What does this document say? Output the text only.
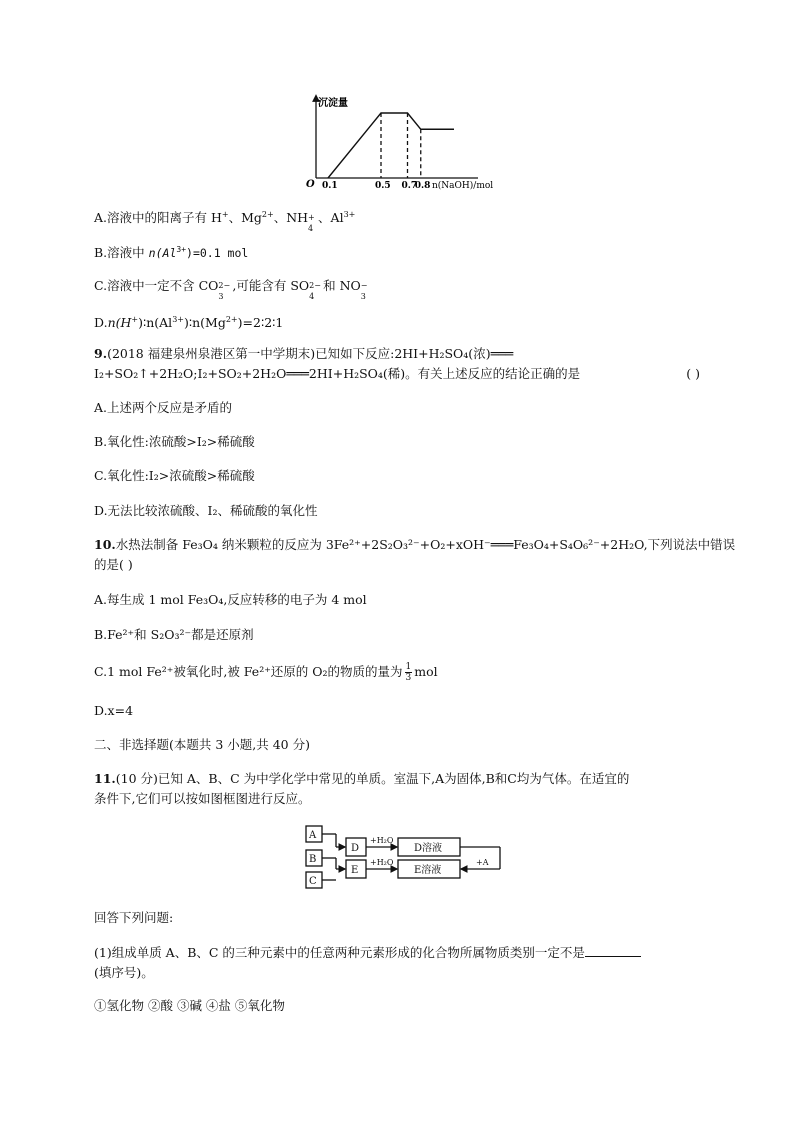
沉淀量
O	n(NaOH)/mol
0.1	0.5 0.7
0.8
A.溶液中的阳离子有 H+、$Mg^{2+}$、NH +
4
、$Al^{3+}$
B.溶液中 $n(Al^{3+})=0.1$ mol
C.溶液中一定不含 CO 2−
3
,可能含有 SO 2−
4
和 NO −
3
$D.n(H^+)∶n(Al^{3+})∶n(Mg^{2+})=2∶2∶1$
9.(2018 福建泉州泉港区第一中学期末)已知如下反应:2HI+H₂SO₄(浓)═══
I₂+SO₂↑+2H₂O;I₂+SO₂+2H₂O═══2HI+H₂SO₄(稀)。有关上述反应的结论正确的是	( )
A.上述两个反应是矛盾的
B.氧化性:浓硫酸>I₂>稀硫酸
C.氧化性:I₂>浓硫酸>稀硫酸
D.无法比较浓硫酸、I₂、稀硫酸的氧化性
10.水热法制备 Fe₃O₄ 纳米颗粒的反应为 3Fe²⁺+2S₂O₃²⁻+O₂+xOH⁻═══Fe₃O₄+S₄O₆²⁻+2H₂O,下列说法中错误
的是( )
A.每生成 1 mol Fe₃O₄,反应转移的电子为 4 mol
B.Fe²⁺和 S₂O₃²⁻都是还原剂
C.1 mol Fe²⁺被氧化时,被 Fe²⁺还原的 O₂的物质的量为 $\frac{1}{3}$ mol
D.x=4
二、非选择题(本题共 3 小题,共 40 分)
11.(10 分)已知 A、B、C 为中学化学中常见的单质。室温下,A为固体,B和C均为气体。在适宜的
条件下,它们可以按如图框图进行反应。
A
B
C
D
E
+H₂O
+H₂O
D溶液
E溶液
+A
回答下列问题:
(1)组成单质 A、B、C 的三种元素中的任意两种元素形成的化合物所属物质类别一定不是
(填序号)。
①氢化物 ②酸 ③碱 ④盐 ⑤氧化物
